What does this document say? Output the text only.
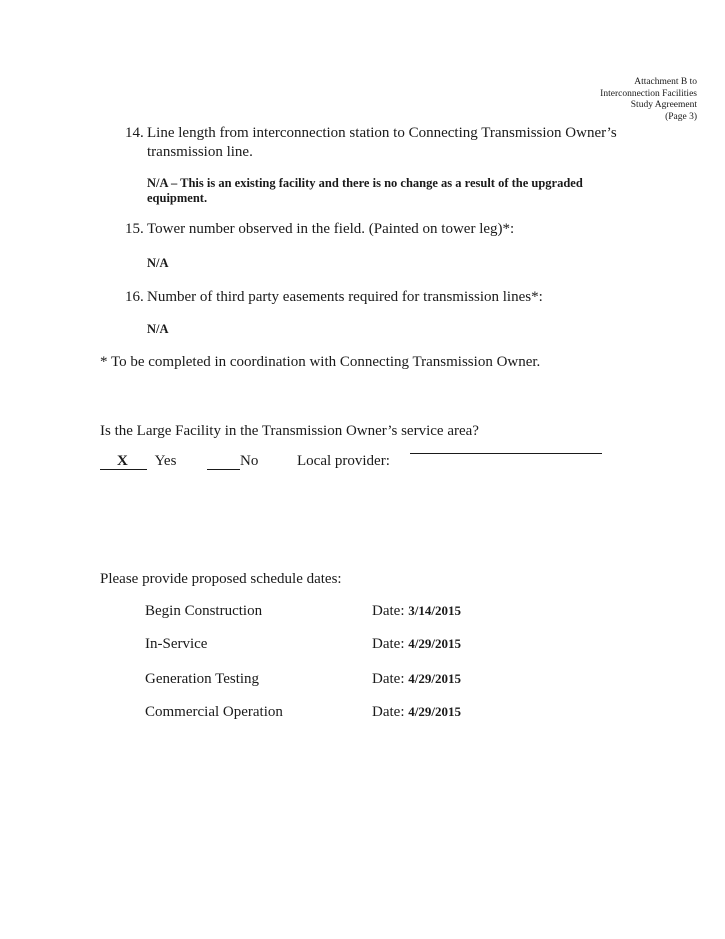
Attachment B to
Interconnection Facilities
Study Agreement
(Page 3)
14. Line length from interconnection station to Connecting Transmission Owner’s
transmission line.
N/A – This is an existing facility and there is no change as a result of the upgraded
equipment.
15. Tower number observed in the field. (Painted on tower leg)*:
N/A
16. Number of third party easements required for transmission lines*:
N/A
* To be completed in coordination with Connecting Transmission Owner.
Is the Large Facility in the Transmission Owner’s service area?
X Yes	No	Local provider:
Please provide proposed schedule dates:
Begin Construction	Date: 3/14/2015
In-Service	Date: 4/29/2015
Generation Testing	Date: 4/29/2015
Commercial Operation	Date: 4/29/2015
